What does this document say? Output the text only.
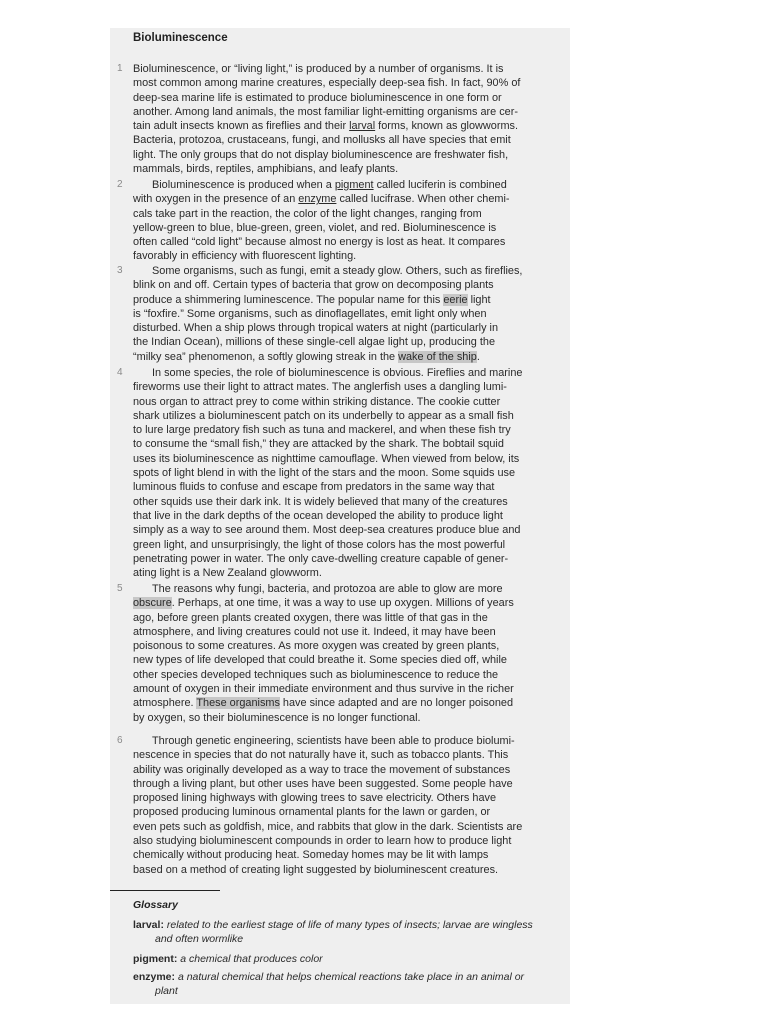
Bioluminescence
1 Bioluminescence, or “living light,” is produced by a number of organisms. It is
most common among marine creatures, especially deep-sea fish. In fact, 90% of
deep-sea marine life is estimated to produce bioluminescence in one form or
another. Among land animals, the most familiar light-emitting organisms are cer-
tain adult insects known as fireflies and their larval forms, known as glowworms.
Bacteria, protozoa, crustaceans, fungi, and mollusks all have species that emit
light. The only groups that do not display bioluminescence are freshwater fish,
mammals, birds, reptiles, amphibians, and leafy plants.
2	Bioluminescence is produced when a pigment called luciferin is combined
with oxygen in the presence of an enzyme called lucifrase. When other chemi-
cals take part in the reaction, the color of the light changes, ranging from
yellow-green to blue, blue-green, green, violet, and red. Bioluminescence is
often called “cold light” because almost no energy is lost as heat. It compares
favorably in efficiency with fluorescent lighting.
3	Some organisms, such as fungi, emit a steady glow. Others, such as fireflies,
blink on and off. Certain types of bacteria that grow on decomposing plants
produce a shimmering luminescence. The popular name for this eerie light
is “foxfire.” Some organisms, such as dinoflagellates, emit light only when
disturbed. When a ship plows through tropical waters at night (particularly in
the Indian Ocean), millions of these single-cell algae light up, producing the
“milky sea” phenomenon, a softly glowing streak in the wake of the ship.
4	In some species, the role of bioluminescence is obvious. Fireflies and marine
fireworms use their light to attract mates. The anglerfish uses a dangling lumi-
nous organ to attract prey to come within striking distance. The cookie cutter
shark utilizes a bioluminescent patch on its underbelly to appear as a small fish
to lure large predatory fish such as tuna and mackerel, and when these fish try
to consume the “small fish,” they are attacked by the shark. The bobtail squid
uses its bioluminescence as nighttime camouflage. When viewed from below, its
spots of light blend in with the light of the stars and the moon. Some squids use
luminous fluids to confuse and escape from predators in the same way that
other squids use their dark ink. It is widely believed that many of the creatures
that live in the dark depths of the ocean developed the ability to produce light
simply as a way to see around them. Most deep-sea creatures produce blue and
green light, and unsurprisingly, the light of those colors has the most powerful
penetrating power in water. The only cave-dwelling creature capable of gener-
ating light is a New Zealand glowworm.
5	The reasons why fungi, bacteria, and protozoa are able to glow are more
obscure. Perhaps, at one time, it was a way to use up oxygen. Millions of years
ago, before green plants created oxygen, there was little of that gas in the
atmosphere, and living creatures could not use it. Indeed, it may have been
poisonous to some creatures. As more oxygen was created by green plants,
new types of life developed that could breathe it. Some species died off, while
other species developed techniques such as bioluminescence to reduce the
amount of oxygen in their immediate environment and thus survive in the richer
atmosphere. These organisms have since adapted and are no longer poisoned
by oxygen, so their bioluminescence is no longer functional.
6	Through genetic engineering, scientists have been able to produce biolumi-
nescence in species that do not naturally have it, such as tobacco plants. This
ability was originally developed as a way to trace the movement of substances
through a living plant, but other uses have been suggested. Some people have
proposed lining highways with glowing trees to save electricity. Others have
proposed producing luminous ornamental plants for the lawn or garden, or
even pets such as goldfish, mice, and rabbits that glow in the dark. Scientists are
also studying bioluminescent compounds in order to learn how to produce light
chemically without producing heat. Someday homes may be lit with lamps
based on a method of creating light suggested by bioluminescent creatures.
Glossary
larval: related to the earliest stage of life of many types of insects; larvae are wingless
and often wormlike
pigment: a chemical that produces color
enzyme: a natural chemical that helps chemical reactions take place in an animal or
plant
